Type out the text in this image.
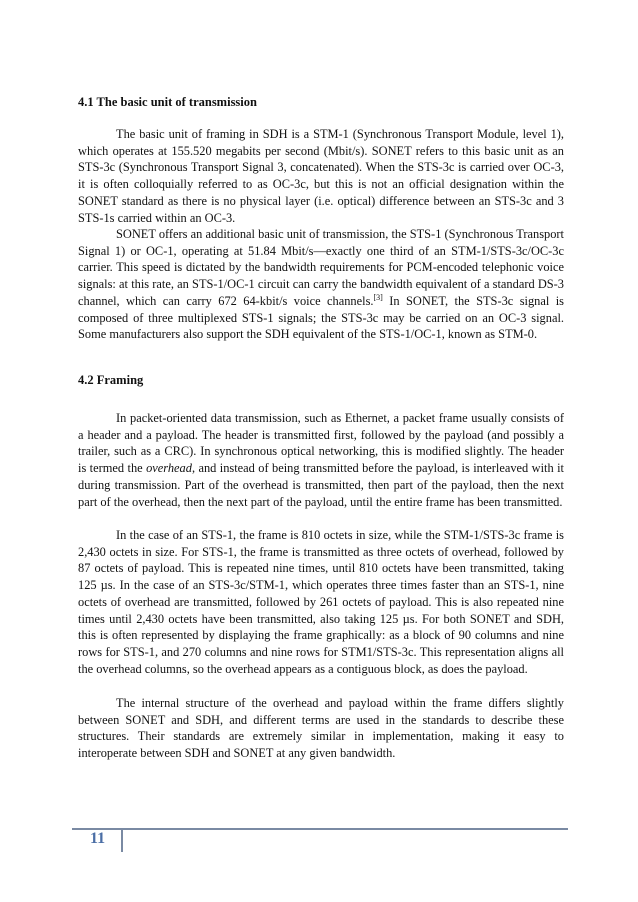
4.1 The basic unit of transmission

The basic unit of framing in SDH is a STM-1 (Synchronous Transport Module, level 1), which operates at 155.520 megabits per second (Mbit/s). SONET refers to this basic unit as an STS-3c (Synchronous Transport Signal 3, concatenated). When the STS-3c is carried over OC-3, it is often colloquially referred to as OC-3c, but this is not an official designation within the SONET standard as there is no physical layer (i.e. optical) difference between an STS-3c and 3 STS-1s carried within an OC-3.

SONET offers an additional basic unit of transmission, the STS-1 (Synchronous Transport Signal 1) or OC-1, operating at 51.84 Mbit/s—exactly one third of an STM-1/STS-3c/OC-3c carrier. This speed is dictated by the bandwidth requirements for PCM-encoded telephonic voice signals: at this rate, an STS-1/OC-1 circuit can carry the bandwidth equivalent of a standard DS-3 channel, which can carry 672 64-kbit/s voice channels.[3] In SONET, the STS-3c signal is composed of three multiplexed STS-1 signals; the STS-3c may be carried on an OC-3 signal. Some manufacturers also support the SDH equivalent of the STS-1/OC-1, known as STM-0.

4.2 Framing

In packet-oriented data transmission, such as Ethernet, a packet frame usually consists of a header and a payload. The header is transmitted first, followed by the payload (and possibly a trailer, such as a CRC). In synchronous optical networking, this is modified slightly. The header is termed the overhead, and instead of being transmitted before the payload, is interleaved with it during transmission. Part of the overhead is transmitted, then part of the payload, then the next part of the overhead, then the next part of the payload, until the entire frame has been transmitted.

In the case of an STS-1, the frame is 810 octets in size, while the STM-1/STS-3c frame is 2,430 octets in size. For STS-1, the frame is transmitted as three octets of overhead, followed by 87 octets of payload. This is repeated nine times, until 810 octets have been transmitted, taking 125 µs. In the case of an STS-3c/STM-1, which operates three times faster than an STS-1, nine octets of overhead are transmitted, followed by 261 octets of payload. This is also repeated nine times until 2,430 octets have been transmitted, also taking 125 µs. For both SONET and SDH, this is often represented by displaying the frame graphically: as a block of 90 columns and nine rows for STS-1, and 270 columns and nine rows for STM1/STS-3c. This representation aligns all the overhead columns, so the overhead appears as a contiguous block, as does the payload.

The internal structure of the overhead and payload within the frame differs slightly between SONET and SDH, and different terms are used in the standards to describe these structures. Their standards are extremely similar in implementation, making it easy to interoperate between SDH and SONET at any given bandwidth.

11
